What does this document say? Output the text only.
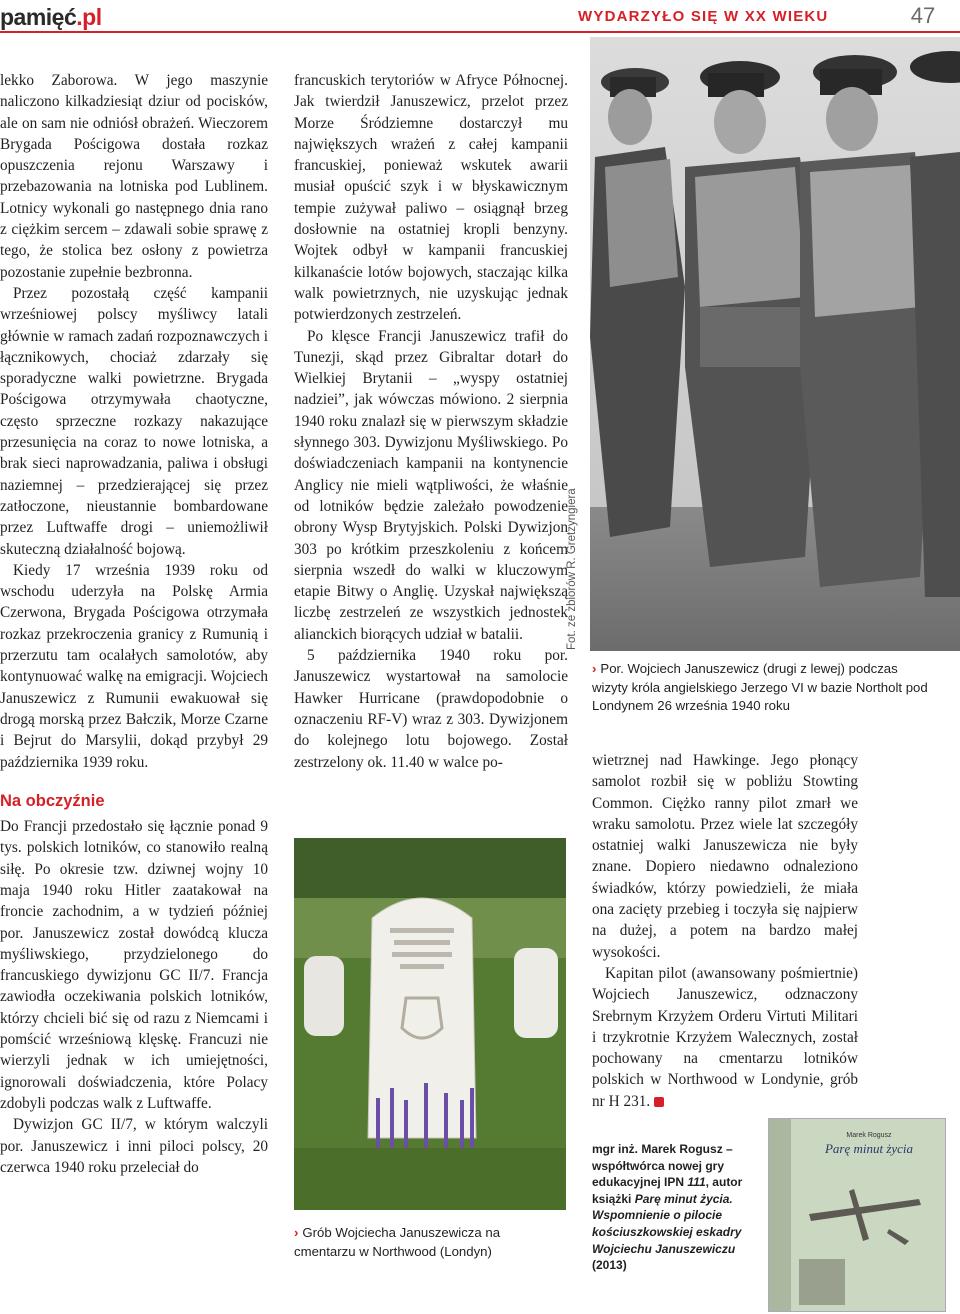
pamięć.pl	WYDARZYŁO SIĘ W XX WIEKU	47

lekko Zaborowa. W jego maszynie naliczono kilkadziesiąt dziur od pocisków, ale on sam nie odniósł obrażeń. Wieczorem Brygada Pościgowa dostała rozkaz opuszczenia rejonu Warszawy i przebazowania na lotniska pod Lublinem. Lotnicy wykonali go następnego dnia rano z ciężkim sercem – zdawali sobie sprawę z tego, że stolica bez osłony z powietrza pozostanie zupełnie bezbronna.

Przez pozostałą część kampanii wrześniowej polscy myśliwcy latali głównie w ramach zadań rozpoznawczych i łącznikowych, chociaż zdarzały się sporadyczne walki powietrzne. Brygada Pościgowa otrzymywała chaotyczne, często sprzeczne rozkazy nakazujące przesunięcia na coraz to nowe lotniska, a brak sieci naprowadzania, paliwa i obsługi naziemnej – przedzierającej się przez zatłoczone, nieustannie bombardowane przez Luftwaffe drogi – uniemożliwił skuteczną działalność bojową.

Kiedy 17 września 1939 roku od wschodu uderzyła na Polskę Armia Czerwona, Brygada Pościgowa otrzymała rozkaz przekroczenia granicy z Rumunią i przerzutu tam ocalałych samolotów, aby kontynuować walkę na emigracji. Wojciech Januszewicz z Rumunii ewakuował się drogą morską przez Bałczik, Morze Czarne i Bejrut do Marsylii, dokąd przybył 29 października 1939 roku.

Na obczyźnie

Do Francji przedostało się łącznie ponad 9 tys. polskich lotników, co stanowiło realną siłę. Po okresie tzw. dziwnej wojny 10 maja 1940 roku Hitler zaatakował na froncie zachodnim, a w tydzień później por. Januszewicz został dowódcą klucza myśliwskiego, przydzielonego do francuskiego dywizjonu GC II/7. Francja zawiodła oczekiwania polskich lotników, którzy chcieli bić się od razu z Niemcami i pomścić wrześniową klęskę. Francuzi nie wierzyli jednak w ich umiejętności, ignorowali doświadczenia, które Polacy zdobyli podczas walk z Luftwaffe.

Dywizjon GC II/7, w którym walczyli por. Januszewicz i inni piloci polscy, 20 czerwca 1940 roku przeleciał do

francuskich terytoriów w Afryce Północnej. Jak twierdził Januszewicz, przelot przez Morze Śródziemne dostarczył mu największych wrażeń z całej kampanii francuskiej, ponieważ wskutek awarii musiał opuścić szyk i w błyskawicznym tempie zużywał paliwo – osiągnął brzeg dosłownie na ostatniej kropli benzyny. Wojtek odbył w kampanii francuskiej kilkanaście lotów bojowych, staczając kilka walk powietrznych, nie uzyskując jednak potwierdzonych zestrzeleń.

Po klęsce Francji Januszewicz trafił do Tunezji, skąd przez Gibraltar dotarł do Wielkiej Brytanii – „wyspy ostatniej nadziei”, jak wówczas mówiono. 2 sierpnia 1940 roku znalazł się w pierwszym składzie słynnego 303. Dywizjonu Myśliwskiego. Po doświadczeniach kampanii na kontynencie Anglicy nie mieli wątpliwości, że właśnie od lotników będzie zależało powodzenie obrony Wysp Brytyjskich. Polski Dywizjon 303 po krótkim przeszkoleniu z końcem sierpnia wszedł do walki w kluczowym etapie Bitwy o Anglię. Uzyskał największą liczbę zestrzeleń ze wszystkich jednostek alianckich biorących udział w batalii.

5 października 1940 roku por. Januszewicz wystartował na samolocie Hawker Hurricane (prawdopodobnie o oznaczeniu RF-V) wraz z 303. Dywizjonem do kolejnego lotu bojowego. Został zestrzelony ok. 11.40 w walce po-

Fot. ze zbiorów R. Gretzyngiera
› Por. Wojciech Januszewicz (drugi z lewej) podczas wizyty króla angielskiego Jerzego VI w bazie Northolt pod Londynem 26 września 1940 roku
› Grób Wojciecha Januszewicza na cmentarzu w Northwood (Londyn)

wietrznej nad Hawkinge. Jego płonący samolot rozbił się w pobliżu Stowting Common. Ciężko ranny pilot zmarł we wraku samolotu. Przez wiele lat szczegóły ostatniej walki Januszewicza nie były znane. Dopiero niedawno odnaleziono świadków, którzy powiedzieli, że miała ona zacięty przebieg i toczyła się najpierw na dużej, a potem na bardzo małej wysokości.

Kapitan pilot (awansowany pośmiertnie) Wojciech Januszewicz, odznaczony Srebrnym Krzyżem Orderu Virtuti Militari i trzykrotnie Krzyżem Walecznych, został pochowany na cmentarzu lotników polskich w Northwood w Londynie, grób nr H 231.

mgr inż. Marek Rogusz –
współtwórca nowej gry edukacyjnej IPN 111, autor książki Parę minut życia. Wspomnienie o pilocie kościuszkowskiej eskadry Wojciechu Januszewiczu (2013)
Marek Rogusz
Parę minut życia
